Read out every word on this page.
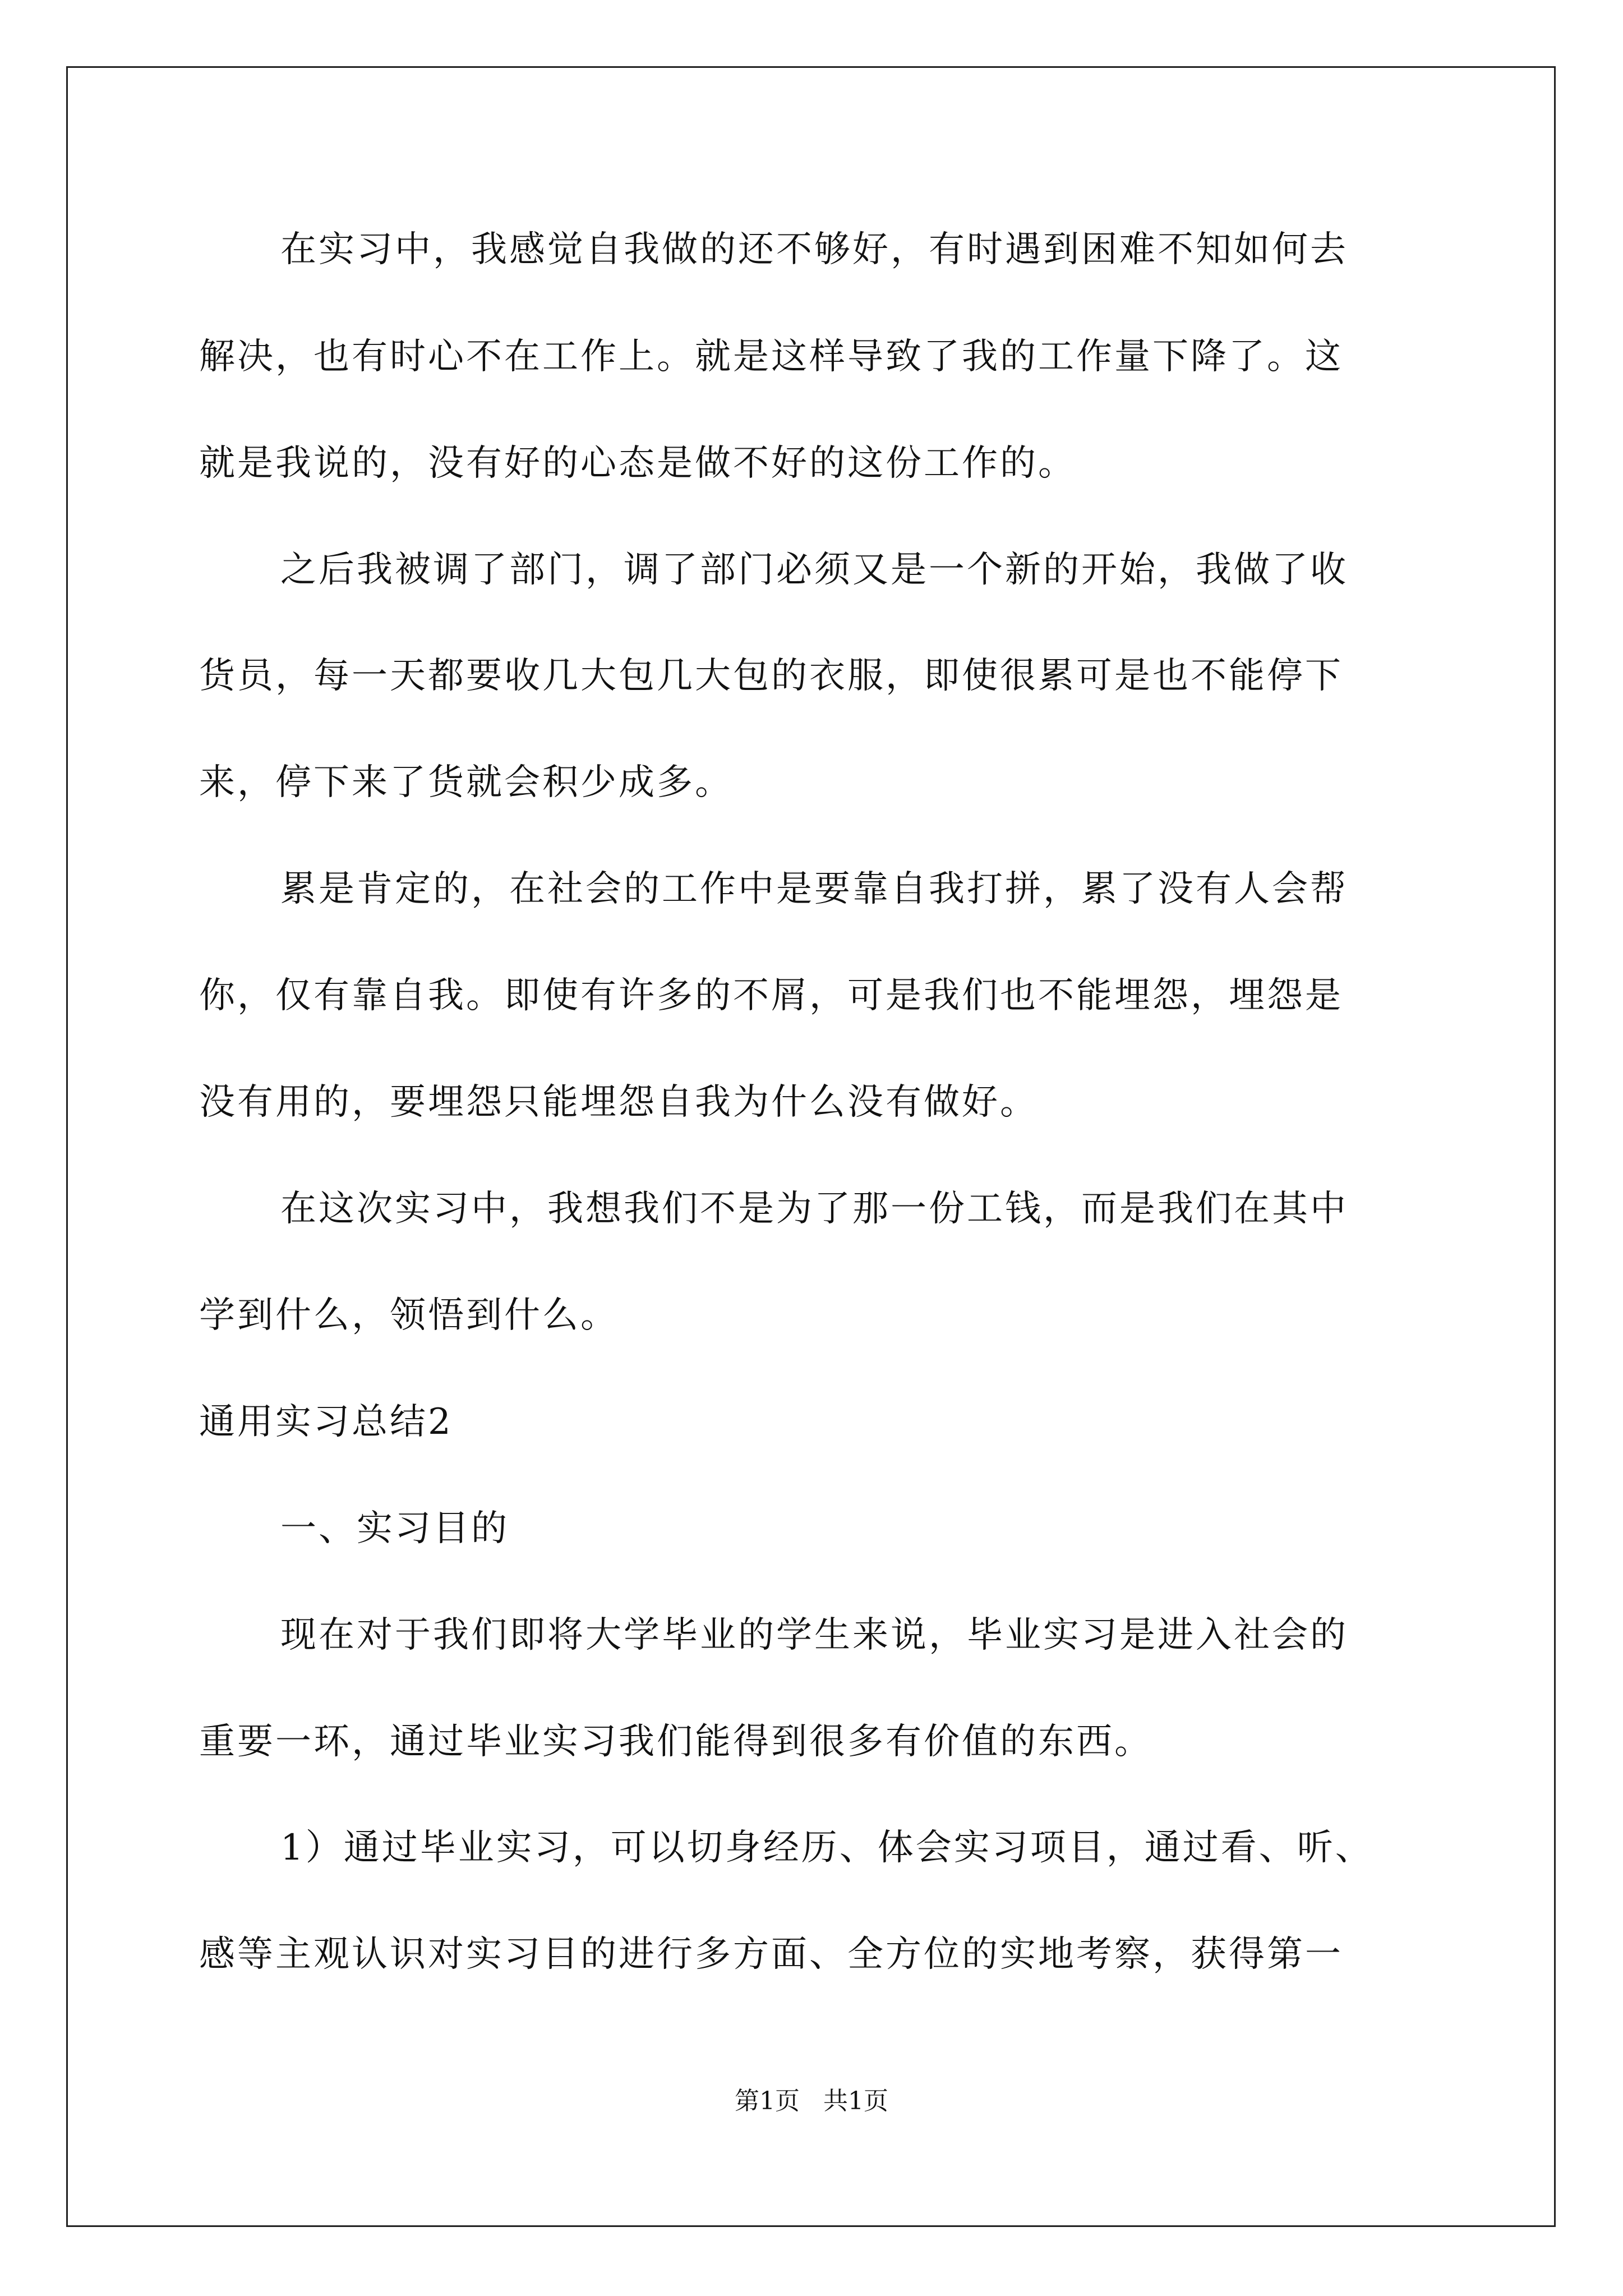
在实习中，我感觉自我做的还不够好，有时遇到困难不知如何去
解决，也有时心不在工作上。就是这样导致了我的工作量下降了。这
就是我说的，没有好的心态是做不好的这份工作的。
之后我被调了部门，调了部门必须又是一个新的开始，我做了收
货员，每一天都要收几大包几大包的衣服，即使很累可是也不能停下
来，停下来了货就会积少成多。
累是肯定的，在社会的工作中是要靠自我打拼，累了没有人会帮
你，仅有靠自我。即使有许多的不屑，可是我们也不能埋怨，埋怨是
没有用的，要埋怨只能埋怨自我为什么没有做好。
在这次实习中，我想我们不是为了那一份工钱，而是我们在其中
学到什么，领悟到什么。
通用实习总结2
一、实习目的
现在对于我们即将大学毕业的学生来说，毕业实习是进入社会的
重要一环，通过毕业实习我们能得到很多有价值的东西。
1）通过毕业实习，可以切身经历、体会实习项目，通过看、听、
感等主观认识对实习目的进行多方面、全方位的实地考察，获得第一
第1页   共1页
